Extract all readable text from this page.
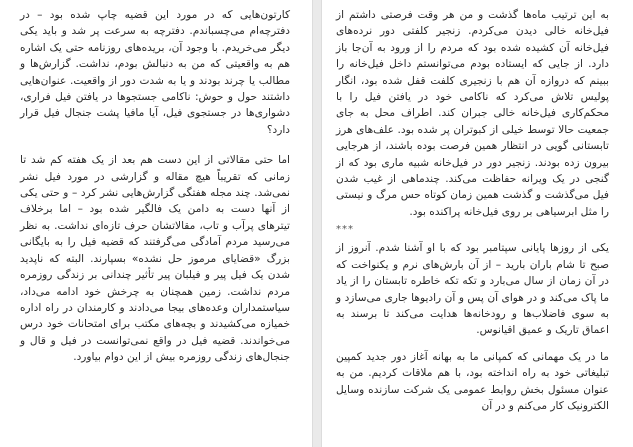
کارتون‌هایی که در مورد این قضیه چاپ شده بود – در دفترچه‌ام می‌چسباندم. دفترچه به سرعت پر شد و باید یکی دیگر می‌خریدم. با وجود آن، بریده‌های روزنامه حتی یک اشاره هم به واقعیتی که من به دنبالش بودم، نداشت. گزارش‌ها و مطالب یا چرند بودند و یا به شدت دور از واقعیت. عنوان‌هایی داشتند حول و حوش: ناکامی جستجوها در یافتن فیل فراری، دشواری‌ها در جستجوی فیل، آیا مافیا پشت جنجال فیل قرار دارد؟

اما حتی مقالاتی از این دست هم بعد از یک هفته کم شد تا زمانی که تقریباً هیچ مقاله و گزارشی در مورد فیل نشر نمی‌شد. چند مجله هفتگی گزارش‌هایی نشر کرد – و حتی یکی از آنها دست به دامن یک فالگیر شده بود – اما برخلاف تیترهای پرآب و تاب، مقالاتشان حرف تازه‌ای نداشت. به نظر می‌رسید مردم آمادگی می‌گرفتند که قضیه فیل را به بایگانی بزرگ «قضایای مرموز حل نشده» بسپارند. البته که ناپدید شدن یک فیل پیر و فیلبان پیر تأثیر چندانی بر زندگی روزمره مردم نداشت. زمین همچنان به چرخش خود ادامه می‌داد، سیاستمداران وعده‌های بیجا می‌دادند و کارمندان در راه اداره خمیازه می‌کشیدند و بچه‌های مکتب برای امتحانات خود درس می‌خواندند. قضیه فیل در واقع نمی‌توانست در فیل و قال و جنجال‌های زندگی روزمره بیش از این دوام بیاورد.

به این ترتیب ماه‌ها گذشت و من هر وقت فرصتی داشتم از فیل‌خانه خالی دیدن می‌کردم. زنجیر کلفتی دور نرده‌های فیل‌خانه آن کشیده شده بود که مردم را از ورود به آن‌جا باز دارد. از جایی که ایستاده بودم می‌توانستم داخل فیل‌خانه را ببینم که دروازه آن هم با زنجیری کلفت قفل شده بود، انگار پولیس تلاش می‌کرد که ناکامی خود در یافتن فیل را با محکم‌کاری فیل‌خانه خالی جبران کند. اطراف محل به جای جمعیت حالا توسط خیلی از کبوتران پر شده بود. علف‌های هرز تابستانی گویی در انتظار همین فرصت بوده باشند، از هرجایی بیرون زده بودند. زنجیر دور در فیل‌خانه شبیه ماری بود که از گنجی در یک ویرانه حفاظت می‌کند. چندماهی از غیب شدن فیل می‌گذشت و گذشت همین زمان کوتاه حس مرگ و نیستی را مثل ابرسیاهی بر روی فیل‌خانه پراکنده بود.

***

یکی از روزها پایانی سپتامبر بود که با او آشنا شدم. آنروز از صبح تا شام باران بارید – از آن بارش‌های نرم و یکنواخت که در آن زمان از سال می‌بارد و تکه تکه خاطره تابستان را از یاد ما پاک می‌کند و در هوای آن پس و آن رادیوها جاری می‌سازد و به سوی فاضلاب‌ها و رودخانه‌ها هدایت می‌کند تا برسند به اعماق تاریک و عمیق اقیانوس.

ما در یک مهمانی که کمپانی ما به بهانه آغاز دور جدید کمپین تبلیغاتی خود به راه انداخته بود، با هم ملاقات کردیم. من به عنوان مسئول بخش روابط عمومی یک شرکت سازنده وسایل الکترونیک کار می‌کنم و در آن
